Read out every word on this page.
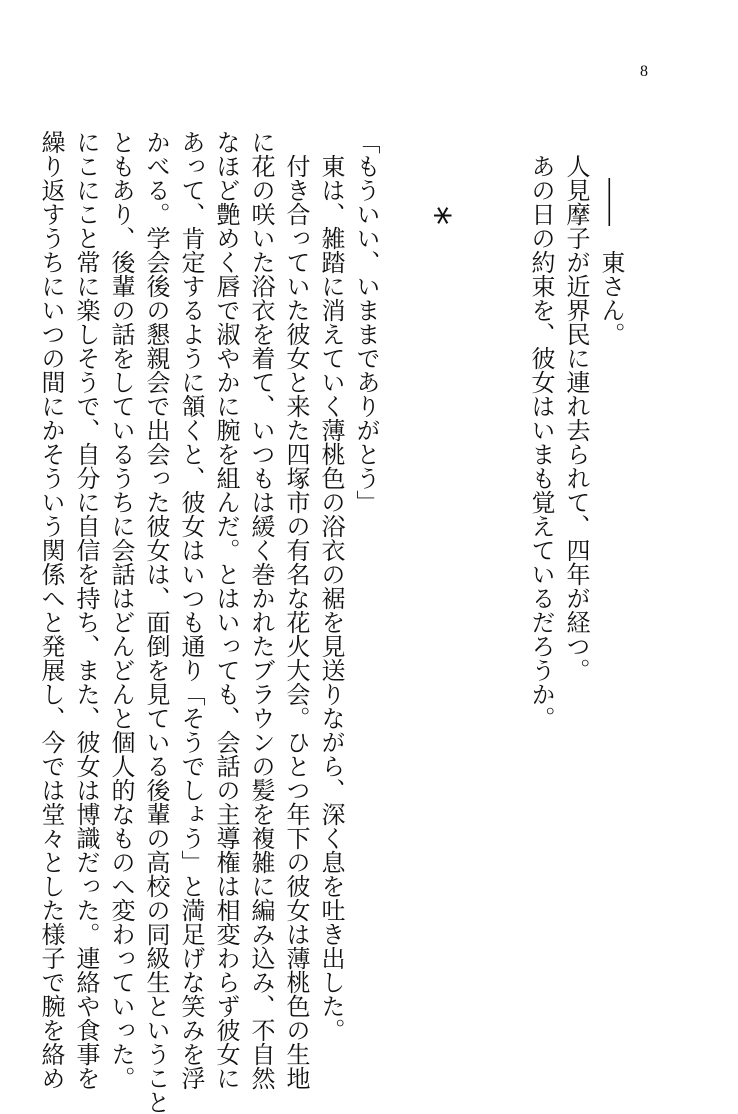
8
――　東さん。
人見摩子が近界民に連れ去られて、四年が経つ。
あの日の約束を、彼女はいまも覚えているだろうか。
*
「もういい、いままでありがとう」
東は、雑踏に消えていく薄桃色の浴衣の裾を見送りながら、深く息を吐き出した。
付き合っていた彼女と来た四塚市の有名な花火大会。ひとつ年下の彼女は薄桃色の生地
に花の咲いた浴衣を着て、いつもは緩く巻かれたブラウンの髪を複雑に編み込み、不自然
なほど艶めく唇で淑やかに腕を組んだ。とはいっても、会話の主導権は相変わらず彼女に
あって、肯定するように頷くと、彼女はいつも通り「そうでしょう」と満足げな笑みを浮
かべる。学会後の懇親会で出会った彼女は、面倒を見ている後輩の高校の同級生ということ
ともあり、後輩の話をしているうちに会話はどんどんと個人的なものへ変わっていった。
にこにこと常に楽しそうで、自分に自信を持ち、また、彼女は博識だった。連絡や食事を
繰り返すうちにいつの間にかそういう関係へと発展し、今では堂々とした様子で腕を絡め
